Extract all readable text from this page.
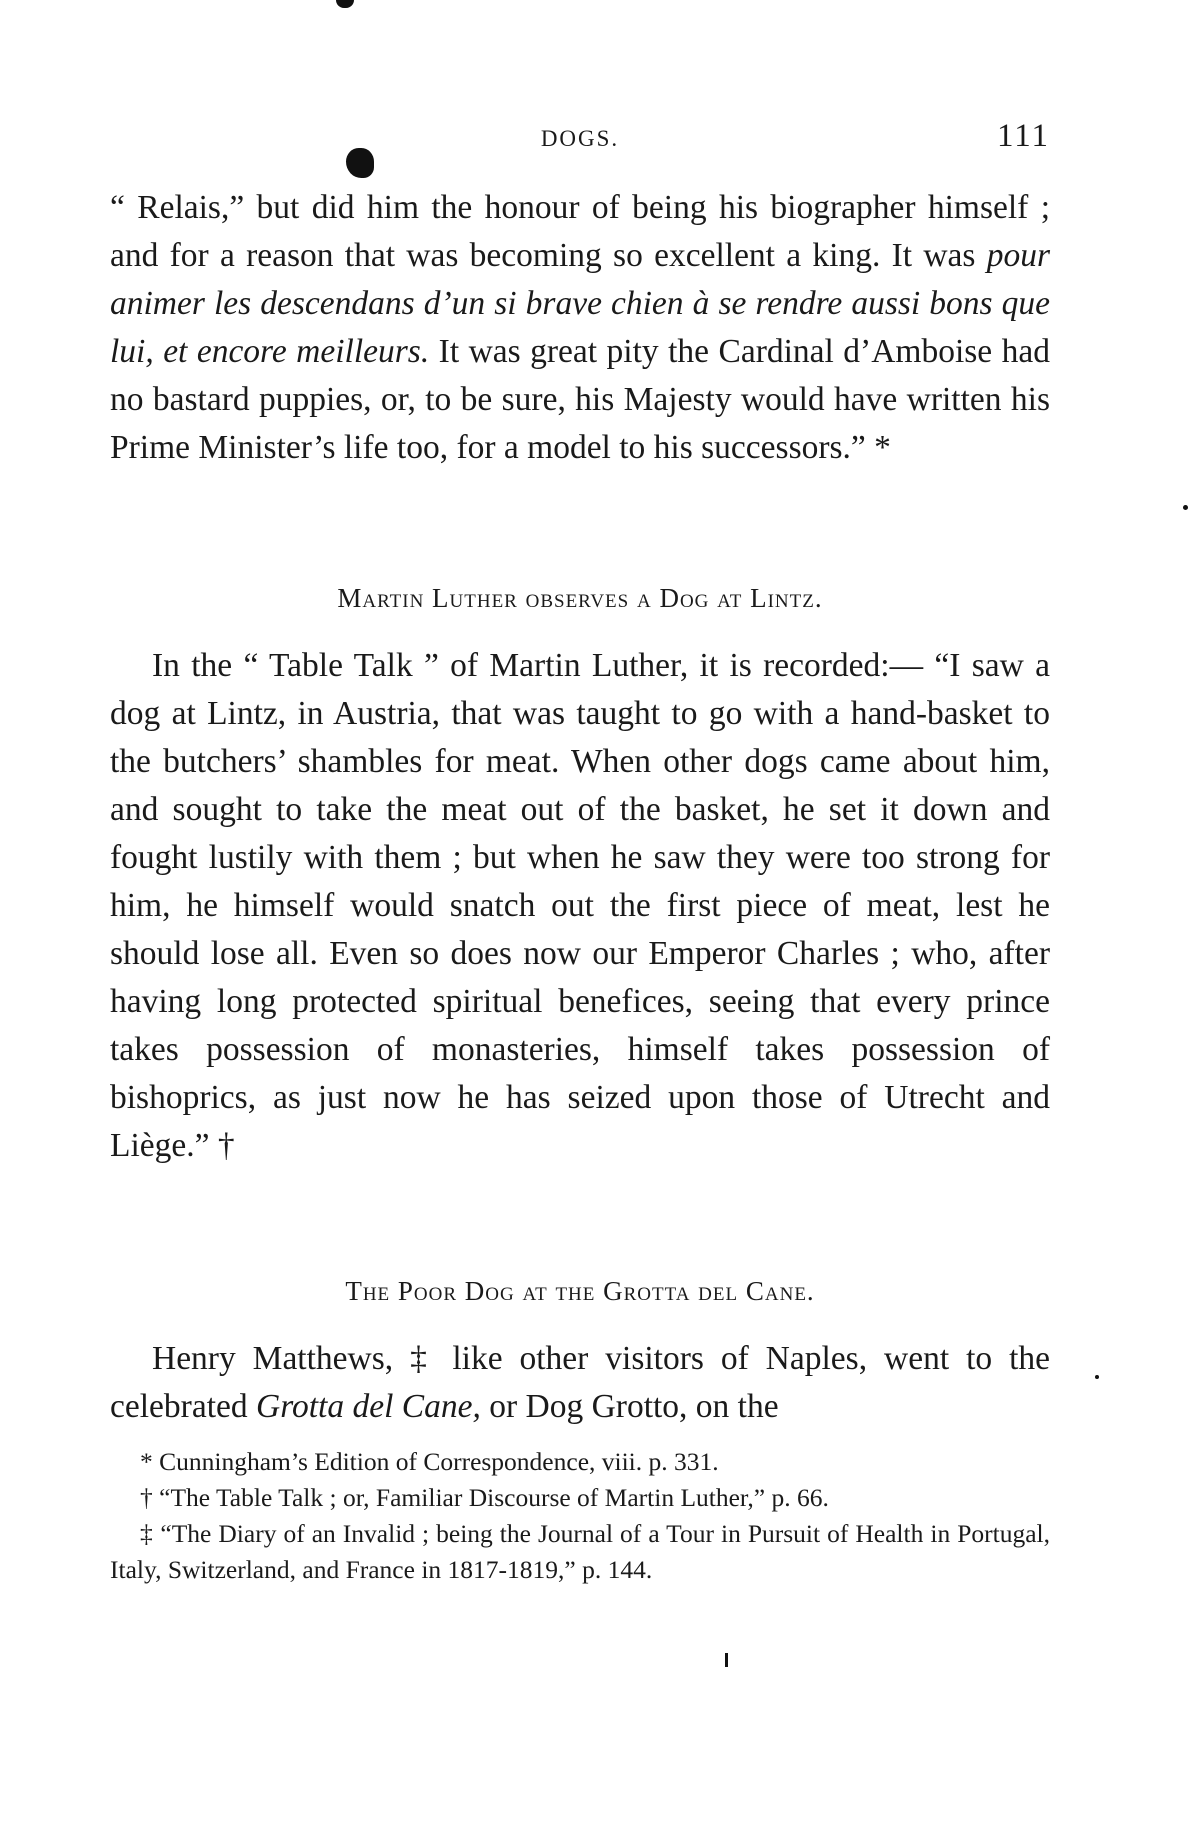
DOGS.	111

“ Relais,” but did him the honour of being his biographer himself ; and for a reason that was becoming so excellent a king. It was pour animer les descendans d’un si brave chien à se rendre aussi bons que lui, et encore meilleurs. It was great pity the Cardinal d’Amboise had no bastard puppies, or, to be sure, his Majesty would have written his Prime Minister’s life too, for a model to his successors.” *

Martin Luther observes a Dog at Lintz.

In the “ Table Talk ” of Martin Luther, it is recorded:— “I saw a dog at Lintz, in Austria, that was taught to go with a hand-basket to the butchers’ shambles for meat. When other dogs came about him, and sought to take the meat out of the basket, he set it down and fought lustily with them ; but when he saw they were too strong for him, he himself would snatch out the first piece of meat, lest he should lose all. Even so does now our Emperor Charles ; who, after having long protected spiritual benefices, seeing that every prince takes possession of monasteries, himself takes possession of bishoprics, as just now he has seized upon those of Utrecht and Liège.” †

The Poor Dog at the Grotta del Cane.

Henry Matthews, ‡ like other visitors of Naples, went to the celebrated Grotta del Cane, or Dog Grotto, on the

* Cunningham’s Edition of Correspondence, viii. p. 331.

† “The Table Talk ; or, Familiar Discourse of Martin Luther,” p. 66.

‡ “The Diary of an Invalid ; being the Journal of a Tour in Pursuit of Health in Portugal, Italy, Switzerland, and France in 1817-1819,” p. 144.
